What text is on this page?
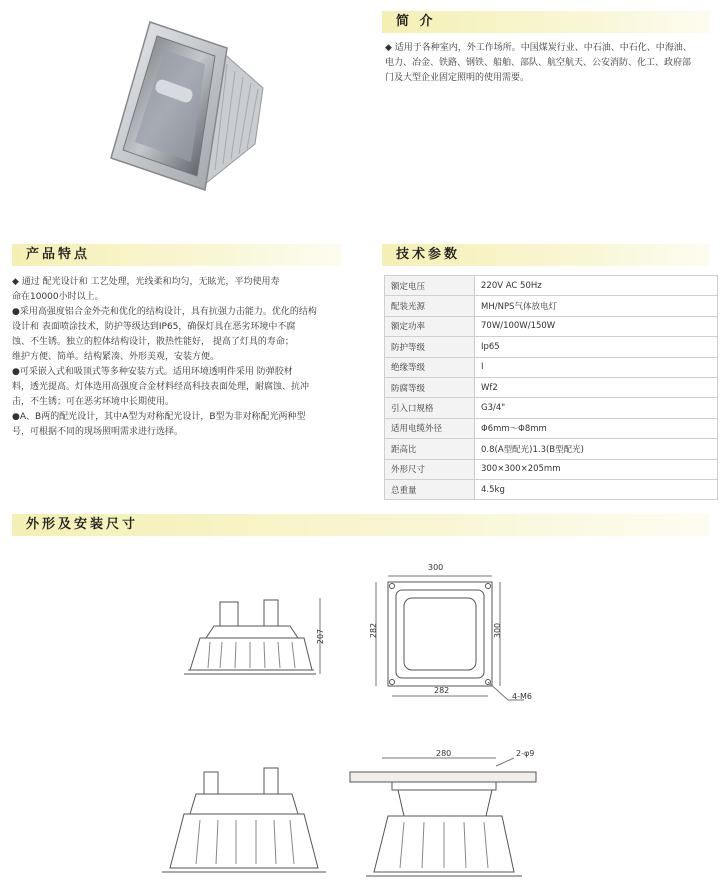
简 介
◆ 适用于各种室内，外工作场所。中国煤炭行业、中石油、中石化、中海油、
电力、冶金、铁路、钢铁、船舶、部队、航空航天、公安消防、化工、政府部
门及大型企业固定照明的使用需要。
产品特点
◆ 通过 配光设计和 工艺处理，光线柔和均匀，无眩光，平均使用寿
命在10000小时以上。
●采用高强度铝合金外壳和优化的结构设计，具有抗强力击能力。优化的结构
设计和 表面喷涂技术，防护等级达到IP65，确保灯具在恶劣环境中不腐
蚀、不生锈。独立的腔体结构设计，散热性能好， 提高了灯具的寿命；
维护方便、简单。结构紧凑、外形美观，安装方便。
●可采嵌入式和吸顶式等多种安装方式。适用环境透明件采用 防弹胶材
料，透光提高。灯体选用高强度合金材料经高科技表面处理，耐腐蚀、抗冲
击，不生锈；可在恶劣环境中长期使用。
●A、B两的配光设计，其中A型为对称配光设计，B型为非对称配光两种型
号，可根据不同的现场照明需求进行选择。
技术参数
额定电压	220V AC 50Hz
配装光源	MH/NPS气体放电灯
额定功率	70W/100W/150W
防护等级	Ip65
绝缘等级	I
防腐等级	Wf2
引入口规格	G3/4"
适用电缆外径	Φ6mm～Φ8mm
距高比	0.8(A型配光)1.3(B型配光)
外形尺寸	300×300×205mm
总重量	4.5kg
外形及安装尺寸
207
300
282	300
282
4-M6
280	2-φ9
